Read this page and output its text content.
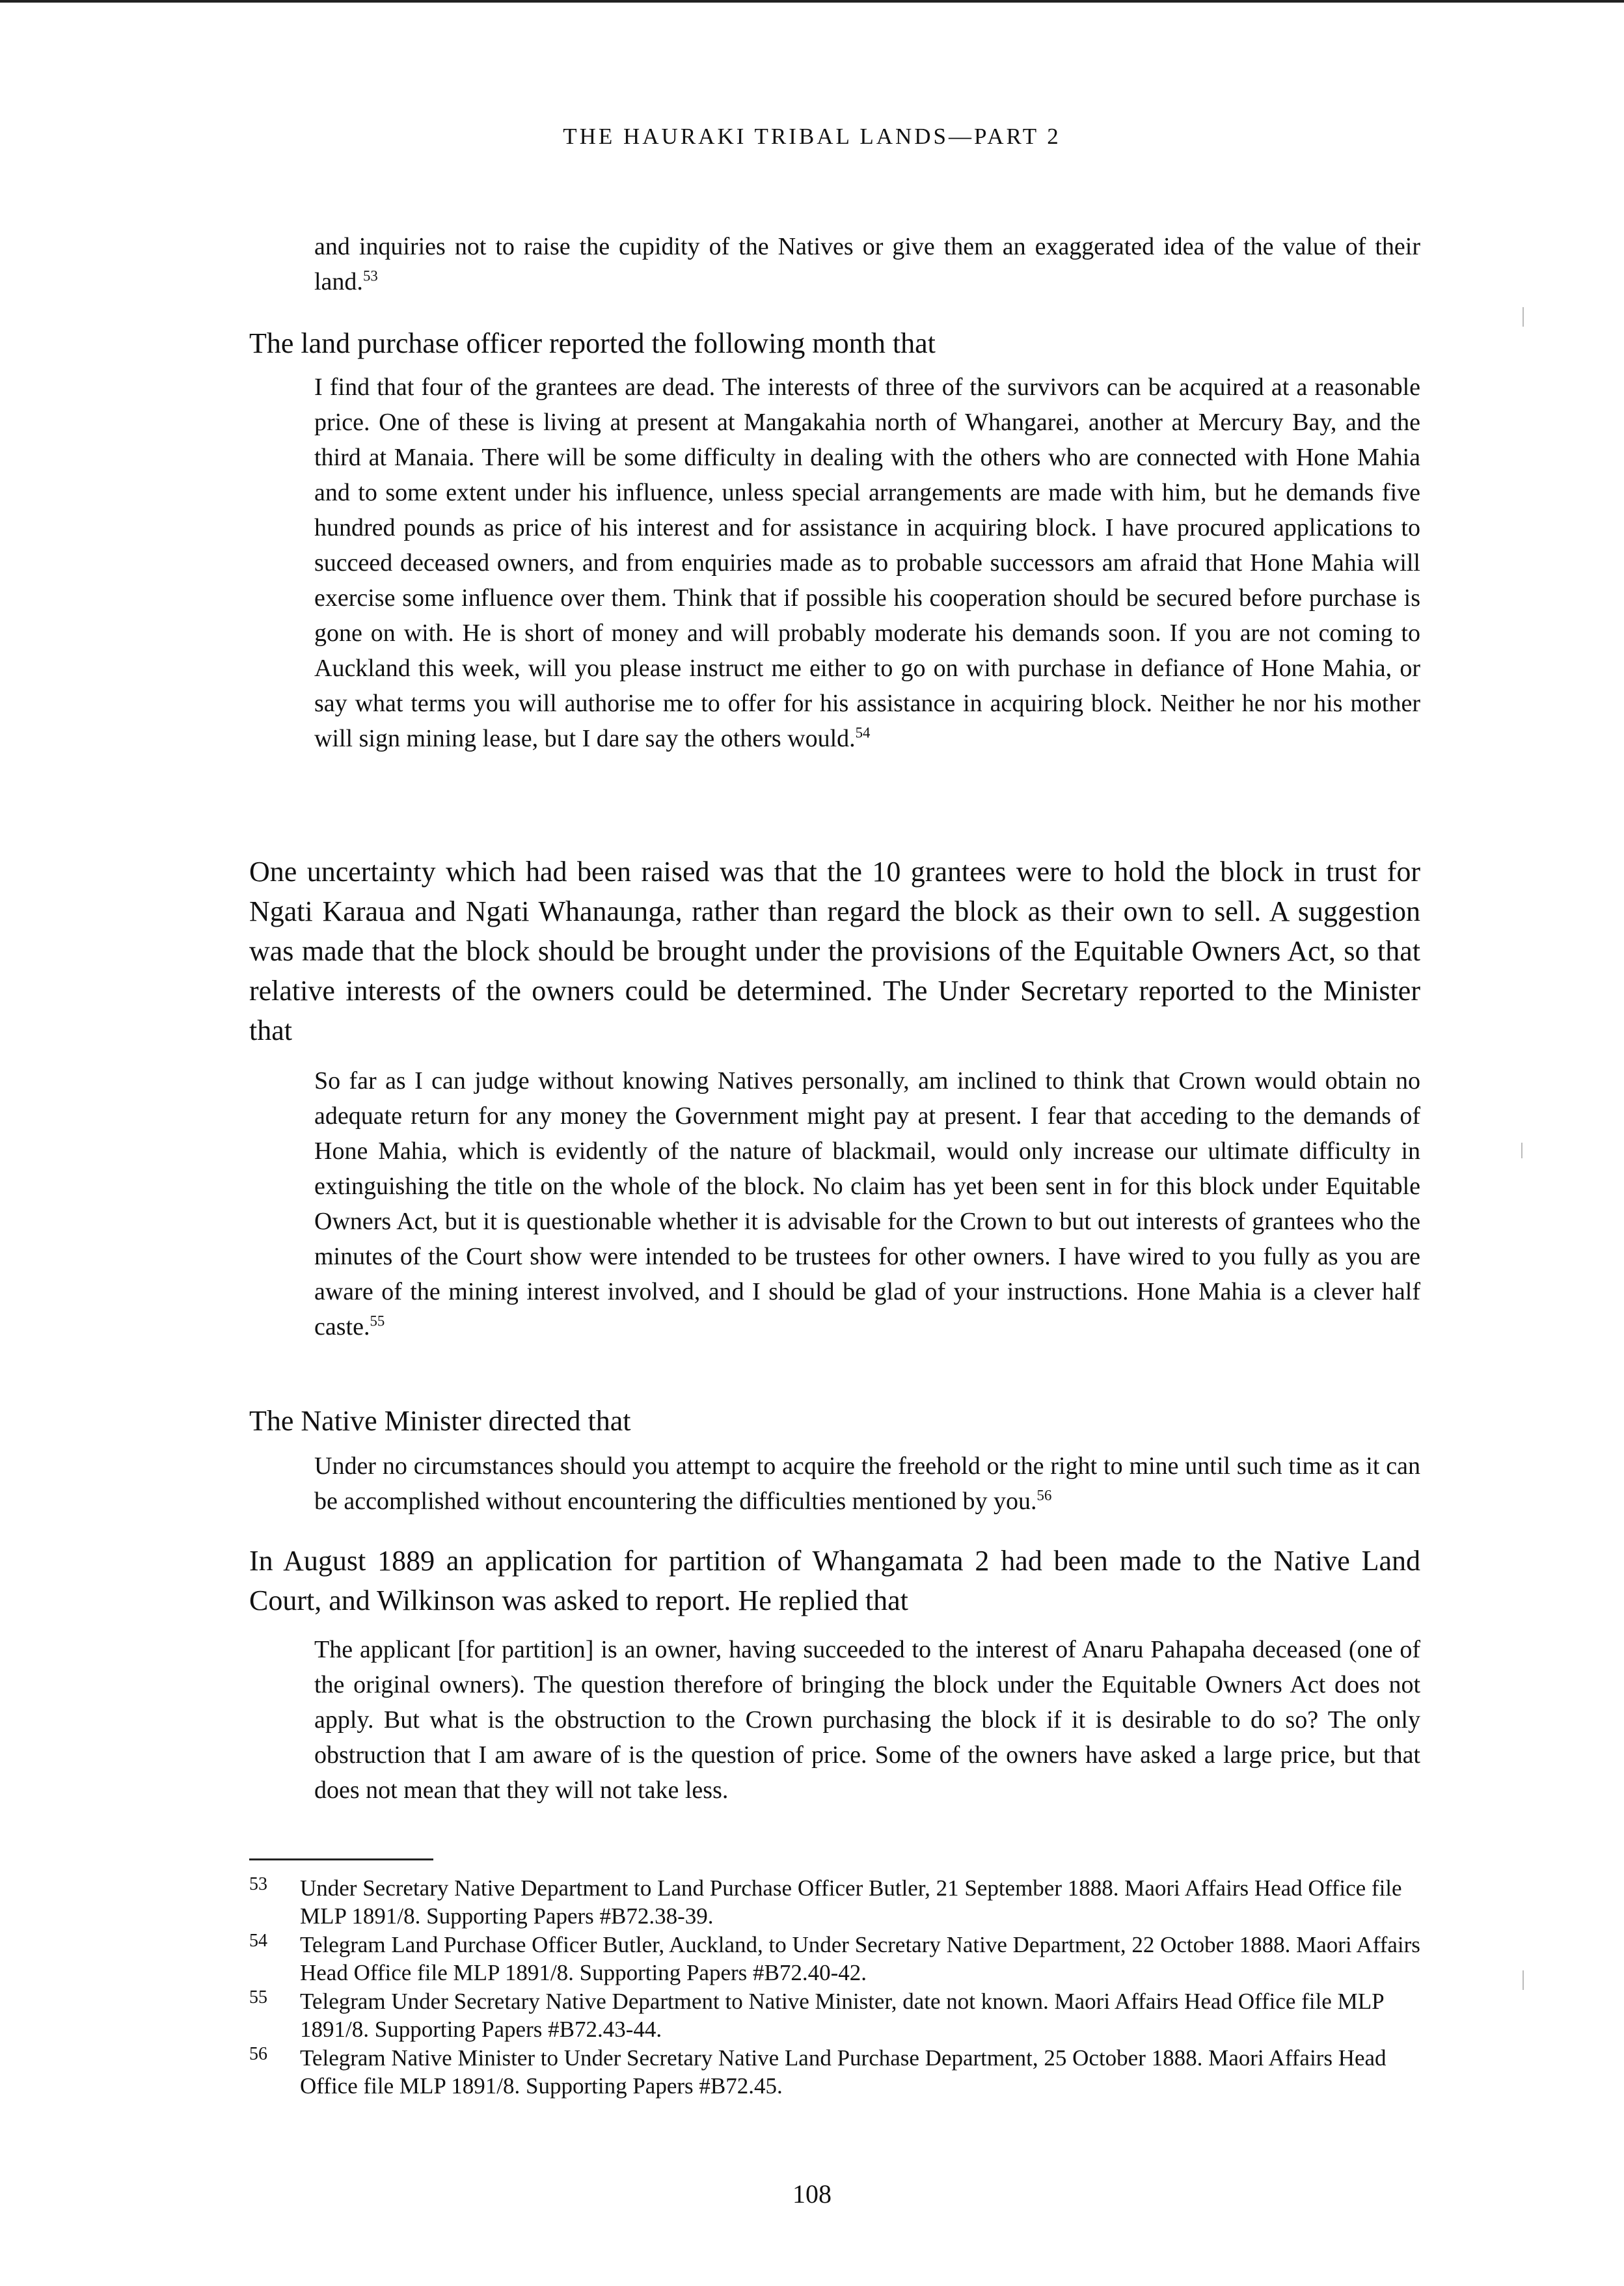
THE HAURAKI TRIBAL LANDS—PART 2

and inquiries not to raise the cupidity of the Natives or give them an exaggerated idea of the value of their land.$^{53}$

The land purchase officer reported the following month that

I find that four of the grantees are dead. The interests of three of the survivors can be acquired at a reasonable price. One of these is living at present at Mangakahia north of Whangarei, another at Mercury Bay, and the third at Manaia. There will be some difficulty in dealing with the others who are connected with Hone Mahia and to some extent under his influence, unless special arrangements are made with him, but he demands five hundred pounds as price of his interest and for assistance in acquiring block. I have procured applications to succeed deceased owners, and from enquiries made as to probable successors am afraid that Hone Mahia will exercise some influence over them. Think that if possible his cooperation should be secured before purchase is gone on with. He is short of money and will probably moderate his demands soon. If you are not coming to Auckland this week, will you please instruct me either to go on with purchase in defiance of Hone Mahia, or say what terms you will authorise me to offer for his assistance in acquiring block. Neither he nor his mother will sign mining lease, but I dare say the others would.$^{54}$

One uncertainty which had been raised was that the 10 grantees were to hold the block in trust for Ngati Karaua and Ngati Whanaunga, rather than regard the block as their own to sell. A suggestion was made that the block should be brought under the provisions of the Equitable Owners Act, so that relative interests of the owners could be determined. The Under Secretary reported to the Minister that

So far as I can judge without knowing Natives personally, am inclined to think that Crown would obtain no adequate return for any money the Government might pay at present. I fear that acceding to the demands of Hone Mahia, which is evidently of the nature of blackmail, would only increase our ultimate difficulty in extinguishing the title on the whole of the block. No claim has yet been sent in for this block under Equitable Owners Act, but it is questionable whether it is advisable for the Crown to but out interests of grantees who the minutes of the Court show were intended to be trustees for other owners. I have wired to you fully as you are aware of the mining interest involved, and I should be glad of your instructions. Hone Mahia is a clever half caste.$^{55}$

The Native Minister directed that

Under no circumstances should you attempt to acquire the freehold or the right to mine until such time as it can be accomplished without encountering the difficulties mentioned by you.$^{56}$

In August 1889 an application for partition of Whangamata 2 had been made to the Native Land Court, and Wilkinson was asked to report. He replied that

The applicant [for partition] is an owner, having succeeded to the interest of Anaru Pahapaha deceased (one of the original owners). The question therefore of bringing the block under the Equitable Owners Act does not apply. But what is the obstruction to the Crown purchasing the block if it is desirable to do so? The only obstruction that I am aware of is the question of price. Some of the owners have asked a large price, but that does not mean that they will not take less.

53 Under Secretary Native Department to Land Purchase Officer Butler, 21 September 1888. Maori Affairs Head Office file MLP 1891/8. Supporting Papers #B72.38-39.
54 Telegram Land Purchase Officer Butler, Auckland, to Under Secretary Native Department, 22 October 1888. Maori Affairs Head Office file MLP 1891/8. Supporting Papers #B72.40-42.
55 Telegram Under Secretary Native Department to Native Minister, date not known. Maori Affairs Head Office file MLP 1891/8. Supporting Papers #B72.43-44.
56 Telegram Native Minister to Under Secretary Native Land Purchase Department, 25 October 1888. Maori Affairs Head Office file MLP 1891/8. Supporting Papers #B72.45.
108
